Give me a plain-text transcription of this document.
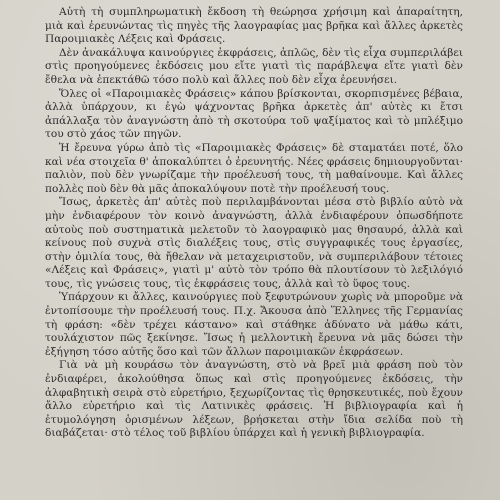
Αὐτὴ τὴ συμπληρωματικὴ ἔκδοση τὴ θεώρησα χρήσιμη καὶ ἀπαραίτητη, μιὰ καὶ ἐρευνώντας τὶς πηγὲς τῆς λαογραφίας μας βρῆκα καὶ ἄλλες ἀρκετὲς Παροιμιακὲς Λέξεις καὶ Φράσεις.

Δὲν ἀνακάλυψα καινούργιες ἐκφράσεις, ἁπλῶς, δὲν τὶς εἶχα συμπεριλάβει στὶς προηγούμενες ἐκδόσεις μου εἴτε γιατὶ τὶς παράβλεψα εἴτε γιατὶ δὲν ἔθελα νὰ ἐπεκτάθῶ τόσο πολὺ καὶ ἄλλες ποὺ δὲν εἶχα ἐρευνήσει.

Ὅλες οἱ «Παροιμιακὲς Φράσεις» κάπου βρίσκονται, σκορπισμένες βέβαια, ἀλλὰ ὑπάρχουν, κι ἐγὼ ψάχνοντας βρῆκα ἀρκετὲς ἀπ' αὐτὲς κι ἔτσι ἀπάλλαξα τὸν ἀναγνώστη ἀπὸ τὴ σκοτούρα τοῦ ψαξίματος καὶ τὸ μπλέξιμο του στὸ χάος τῶν πηγῶν.

Ἡ ἔρευνα γύρω ἀπὸ τὶς «Παροιμιακὲς Φράσεις» δὲ σταματάει ποτέ, ὅλο καὶ νέα στοιχεῖα θ' ἀποκαλύπτει ὁ ἐρευνητής. Νέες φράσεις δημιουργοῦνται· παλιὸν, ποὺ δὲν γνωρίζαμε τὴν προέλευσή τους, τὴ μαθαίνουμε. Καὶ ἄλλες πολλὲς ποὺ δὲν θὰ μᾶς ἀποκαλύψουν ποτὲ τὴν προέλευσή τους.

Ἴσως, ἀρκετὲς ἀπ' αὐτὲς ποὺ περιλαμβάνονται μέσα στὸ βιβλίο αὐτὸ νὰ μὴν ἐνδιαφέρουν τὸν κοινὸ ἀναγνώστη, ἀλλὰ ἐνδιαφέρουν ὁπωσδήποτε αὐτοὺς ποὺ συστηματικὰ μελετοῦν τὸ λαογραφικὸ μας θησαυρό, ἀλλὰ καὶ κείνους ποὺ συχνὰ στὶς διαλέξεις τους, στὶς συγγραφικές τους ἐργασίες, στὴν ὁμιλία τους, θὰ ἤθελαν νὰ μεταχειριστοῦν, νὰ συμπεριλάβουν τέτοιες «Λέξεις καὶ Φράσεις», γιατὶ μ' αὐτὸ τὸν τρόπο θὰ πλουτίσουν τὸ λεξιλόγιό τους, τὶς γνώσεις τους, τὶς ἐκφράσεις τους, ἀλλὰ καὶ τὸ ὕφος τους.

Ὑπάρχουν κι ἄλλες, καινούργιες ποὺ ξεφυτρώνουν χωρὶς νὰ μποροῦμε νὰ ἐντοπίσουμε τὴν προέλευσή τους. Π.χ. Ἄκουσα ἀπὸ Ἕλληνες τῆς Γερμανίας τὴ φράση: «δὲν τρέχει κάστανο» καὶ στάθηκε ἀδύνατο νὰ μάθω κάτι, τουλάχιστον πῶς ξεκίνησε. Ἴσως ἡ μελλοντικὴ ἔρευνα νὰ μᾶς δώσει τὴν ἐξήγηση τόσο αὐτῆς ὅσο καὶ τῶν ἄλλων παροιμιακῶν ἐκφράσεων.

Γιὰ νὰ μὴ κουράσω τὸν ἀναγνώστη, στὸ νὰ βρεῖ μιὰ φράση ποὺ τὸν ἐνδιαφέρει, ἀκολούθησα ὅπως καὶ στὶς προηγούμενες ἐκδόσεις, τὴν ἀλφαβητικὴ σειρὰ στὸ εὐρετήριο, ξεχωρίζοντας τὶς θρησκευτικές, ποὺ ἔχουν ἄλλο εὐρετήριο καὶ τὶς Λατινικὲς φράσεις. Ἡ βιβλιογραφία καὶ ἡ ἐτυμολόγηση ὁρισμένων λέξεων, βρήσκεται στὴν ἴδια σελίδα ποὺ τὴ διαβάζεται· στὸ τέλος τοῦ βιβλίου ὑπάρχει καὶ ἡ γενικὴ βιβλιογραφία.
